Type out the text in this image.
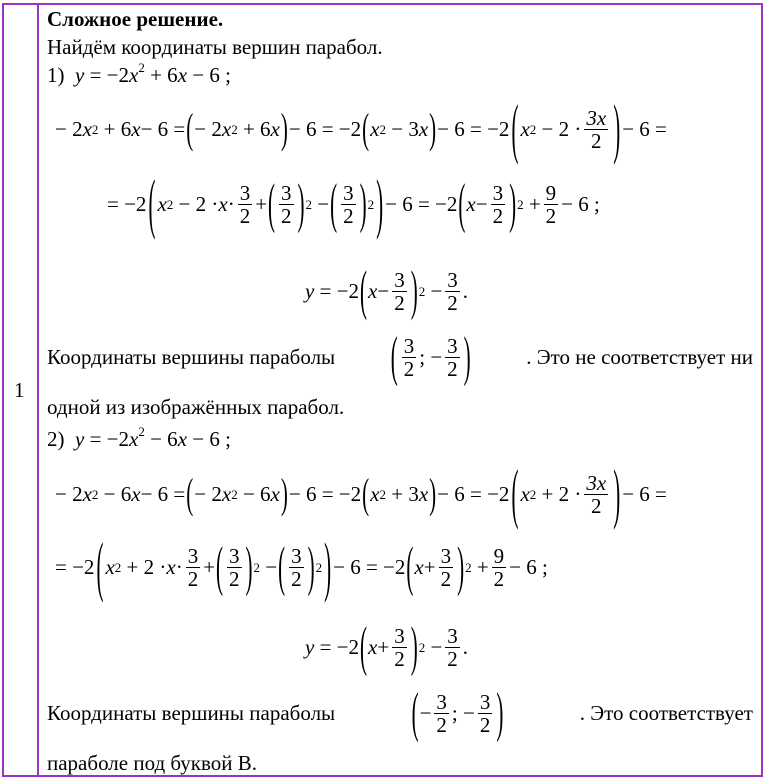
1
Сложное решение.
Найдём координаты вершин парабол.
1) $y = -2x^2 + 6x - 6$ ;
− 2 x 2 + 6 x − 6 = ( − 2 x 2 + 6 x ) − 6 = −2 ( x 2 − 3 x ) − 6 = −2 ( x $2 - 2 \cdot \frac{3x}{2}$ ) − 6 =
= −2 ( x $2 - 2 \cdot x \cdot \frac{3}{2}$ + ( $\frac{3}{2}$ ) 2 − ( $\frac{3}{2}$ ) 2 ) − 6 = −2 ( $x - \frac{3}{2}$ ) $2 + \frac{9}{2} - 6$ ;
y = −2 ( $x - \frac{3}{2}$ ) $2 - \frac{3}{2}$ .
Координаты вершины параболы	( $\frac{3}{2}$ ; − $\frac{3}{2}$ )	. Это не соответствует ни
одной из изображённых парабол.
2) $y = -2x^2 - 6x - 6$ ;
− 2 x 2 − 6 x − 6 = ( − 2 x 2 − 6 x ) − 6 = −2 ( x 2 + 3 x ) − 6 = −2 ( x $2 + 2 \cdot \frac{3x}{2}$ ) − 6 =
= −2 ( x $2 + 2 \cdot x \cdot \frac{3}{2}$ + ( $\frac{3}{2}$ ) 2 − ( $\frac{3}{2}$ ) 2 ) − 6 = −2 ( $x + \frac{3}{2}$ ) $2 + \frac{9}{2} - 6$ ;
y = −2 ( $x + \frac{3}{2}$ ) $2 - \frac{3}{2}$ .
Координаты вершины параболы	( − $\frac{3}{2}$ ; − $\frac{3}{2}$ )	. Это соответствует
параболе под буквой В.
